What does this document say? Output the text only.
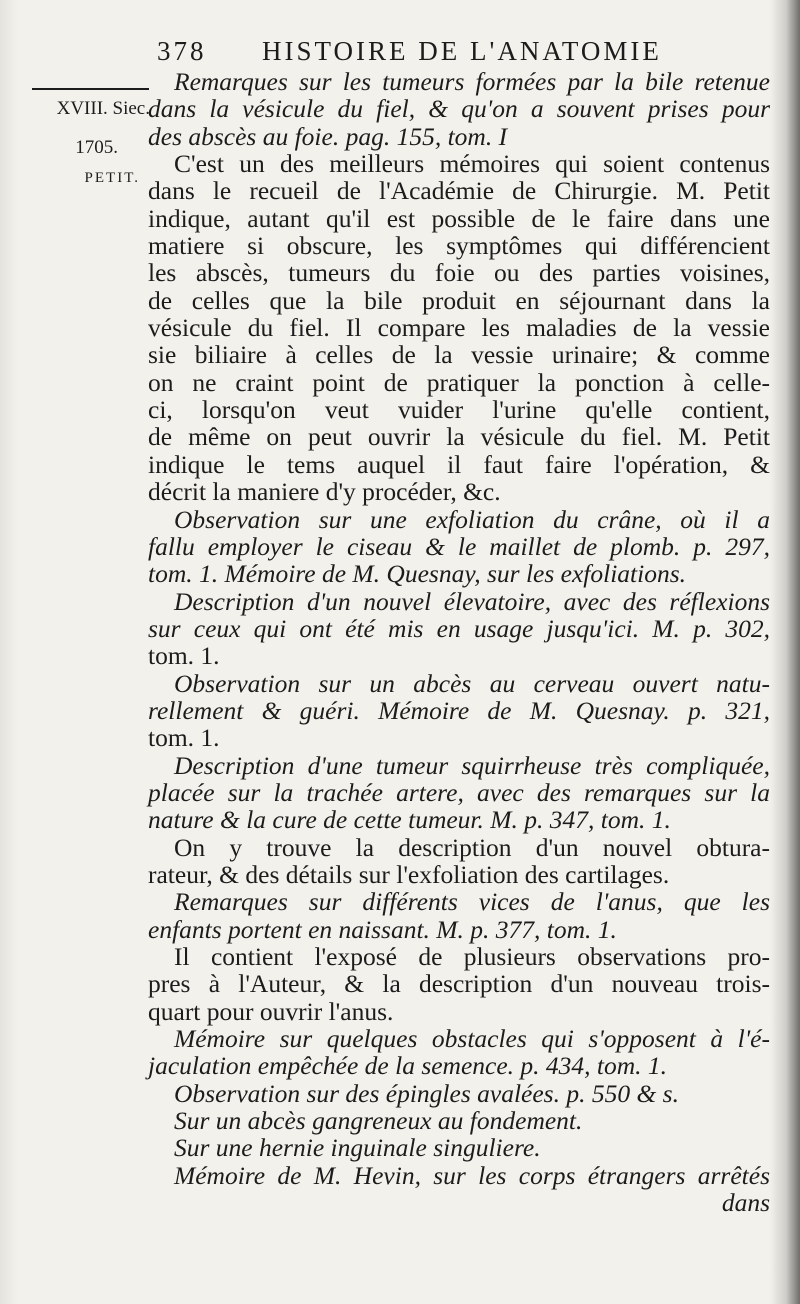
378 HISTOIRE DE L'ANATOMIE
XVIII. Siec.
1705.
PETIT.
Remarques sur les tumeurs formées par la bile retenue
dans la vésicule du fiel, & qu'on a souvent prises pour
des abscès au foie. pag. 155, tom. I
C'est un des meilleurs mémoires qui soient contenus
dans le recueil de l'Académie de Chirurgie. M. Petit
indique, autant qu'il est possible de le faire dans une
matiere si obscure, les symptômes qui différencient
les abscès, tumeurs du foie ou des parties voisines,
de celles que la bile produit en séjournant dans la
vésicule du fiel. Il compare les maladies de la vessie
sie biliaire à celles de la vessie urinaire; & comme
on ne craint point de pratiquer la ponction à celle-
ci, lorsqu'on veut vuider l'urine qu'elle contient,
de même on peut ouvrir la vésicule du fiel. M. Petit
indique le tems auquel il faut faire l'opération, &
décrit la maniere d'y procéder, &c.
Observation sur une exfoliation du crâne, où il a
fallu employer le ciseau & le maillet de plomb. p. 297,
tom. 1. Mémoire de M. Quesnay, sur les exfoliations.
Description d'un nouvel élevatoire, avec des réflexions
sur ceux qui ont été mis en usage jusqu'ici. M. p. 302,
tom. 1.
Observation sur un abcès au cerveau ouvert natu-
rellement & guéri. Mémoire de M. Quesnay. p. 321,
tom. 1.
Description d'une tumeur squirrheuse très compliquée,
placée sur la trachée artere, avec des remarques sur la
nature & la cure de cette tumeur. M. p. 347, tom. 1.
On y trouve la description d'un nouvel obtura-
rateur, & des détails sur l'exfoliation des cartilages.
Remarques sur différents vices de l'anus, que les
enfants portent en naissant. M. p. 377, tom. 1.
Il contient l'exposé de plusieurs observations pro-
pres à l'Auteur, & la description d'un nouveau trois-
quart pour ouvrir l'anus.
Mémoire sur quelques obstacles qui s'opposent à l'é-
jaculation empêchée de la semence. p. 434, tom. 1.
Observation sur des épingles avalées. p. 550 & s.
Sur un abcès gangreneux au fondement.
Sur une hernie inguinale singuliere.
Mémoire de M. Hevin, sur les corps étrangers arrêtés
dans
